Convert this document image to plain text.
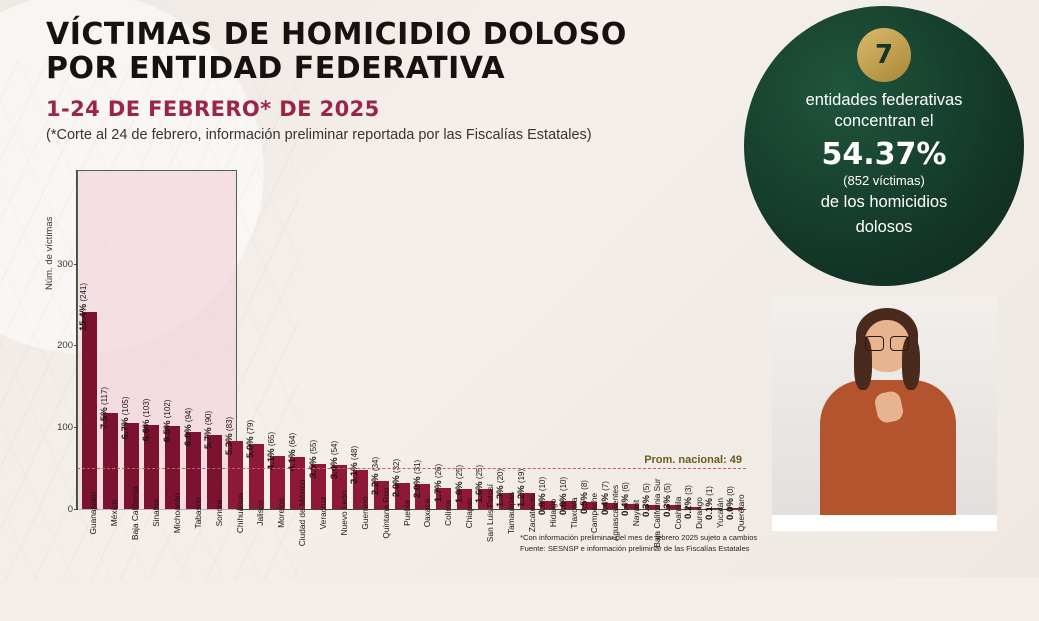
VÍCTIMAS DE HOMICIDIO DOLOSO
POR ENTIDAD FEDERATIVA
1-24 DE FEBRERO* DE 2025
(*Corte al 24 de febrero, información preliminar reportada por las Fiscalías Estatales)
Núm. de víctimas
15.4% (241)
7.5% (117)
6.7% (105)
6.6% (103)
6.5% (102)
6.0% (94)
5.7% (90)
5.3% (83)
5.0% (79)
4.1% (65)
4.1% (64)
3.5% (55)
3.4% (54)
3.1% (48)
2.2% (34)
2.0% (32)
2.0% (31)
1.7% (26)
1.6% (25)
1.6% (25)
1.3% (20)
1.2% (19)
0.6% (10)
0.6% (10)
0.5% (8)
0.4% (7)
0.4% (6)
0.3% (5)
0.3% (5)
0.2% (3)
0.1% (1)
0.0% (0)
Prom. nacional: 49
0
100
200
300
Guanajuato México Baja California Sinaloa Michoacán Tabasco Sonora Chihuahua Jalisco Morelos Ciudad de México Veracruz Nuevo León Guerrero Quintana Roo Puebla Oaxaca Colima Chiapas San Luis Potosí Tamaulipas Zacatecas Hidalgo Tlaxcala Campeche Aguascalientes Nayarit Baja California Sur Coahuila Durango Yucatán Querétaro
*Con información preliminar del mes de febrero 2025 sujeto a cambios
Fuente: SESNSP e información preliminar de las Fiscalías Estatales
7
entidades federativas
concentran el
54.37%
(852 víctimas)
de los homicidios
dolosos
